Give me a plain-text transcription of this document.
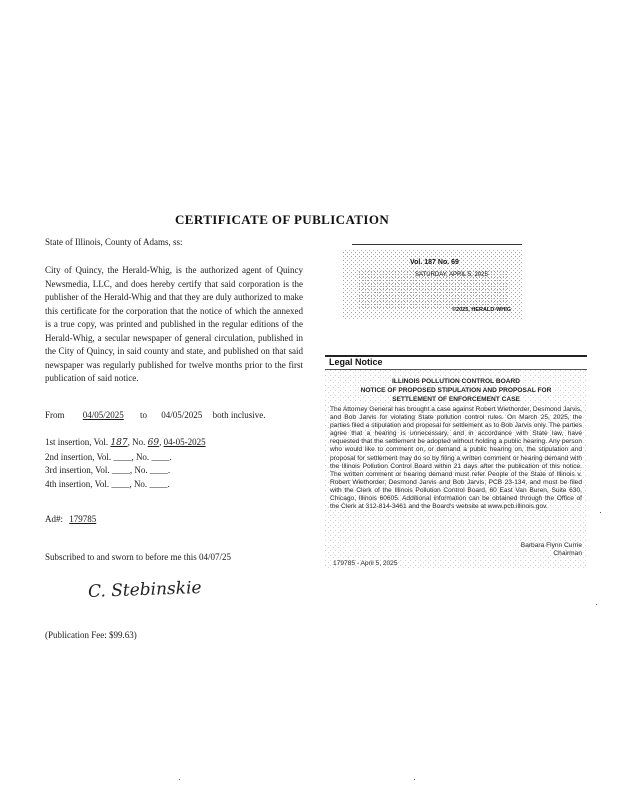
CERTIFICATE OF PUBLICATION
State of Illinois, County of Adams, ss:
City of Quincy, the Herald-Whig, is the authorized agent of Quincy Newsmedia, LLC, and does hereby certify that said corporation is the publisher of the Herald-Whig and that they are duly authorized to make this certificate for the corporation that the notice of which the annexed is a true copy, was printed and published in the regular editions of the Herald-Whig, a secular newspaper of general circulation, published in the City of Quincy, in said county and state, and published on that said newspaper was regularly published for twelve months prior to the first publication of said notice.
From 04/05/2025 to 04/05/2025 both inclusive.
1st insertion, Vol. 187, No. 69, 04-05-2025
2nd insertion, Vol. ____, No. ____.
3rd insertion, Vol. ____, No. ____.
4th insertion, Vol. ____, No. ____.
Ad#: 179785
Subscribed to and sworn to before me this 04/07/25
C. Stebinskie
(Publication Fee: $99.63)
Vol. 187 No. 69
SATURDAY, APRIL 5, 2025
©2025, HERALD-WHIG
Legal Notice
ILLINOIS POLLUTION CONTROL BOARD
NOTICE OF PROPOSED STIPULATION AND PROPOSAL FOR
SETTLEMENT OF ENFORCEMENT CASE
The Attorney General has brought a case against Robert Wiethorder, Desmond Jarvis, and Bob Jarvis for violating State pollution control rules. On March 25, 2025, the parties filed a stipulation and proposal for settlement as to Bob Jarvis only. The parties agree that a hearing is unnecessary, and in accordance with State law, have requested that the settlement be adopted without holding a public hearing. Any person who would like to comment on, or demand a public hearing on, the stipulation and proposal for settlement may do so by filing a written comment or hearing demand with the Illinois Pollution Control Board within 21 days after the publication of this notice. The written comment or hearing demand must refer People of the State of Illinois v. Robert Wiethorder, Desmond Jarvis and Bob Jarvis, PCB 23-134, and must be filed with the Clerk of the Illinois Pollution Control Board, 60 East Van Buren, Suite 630, Chicago, Illinois 60605. Additional information can be obtained through the Office of the Clerk at 312-814-3461 and the Board's website at www.pcb.illinois.gov.
Barbara Flynn Currie
Chairman
179785 - April 5, 2025
